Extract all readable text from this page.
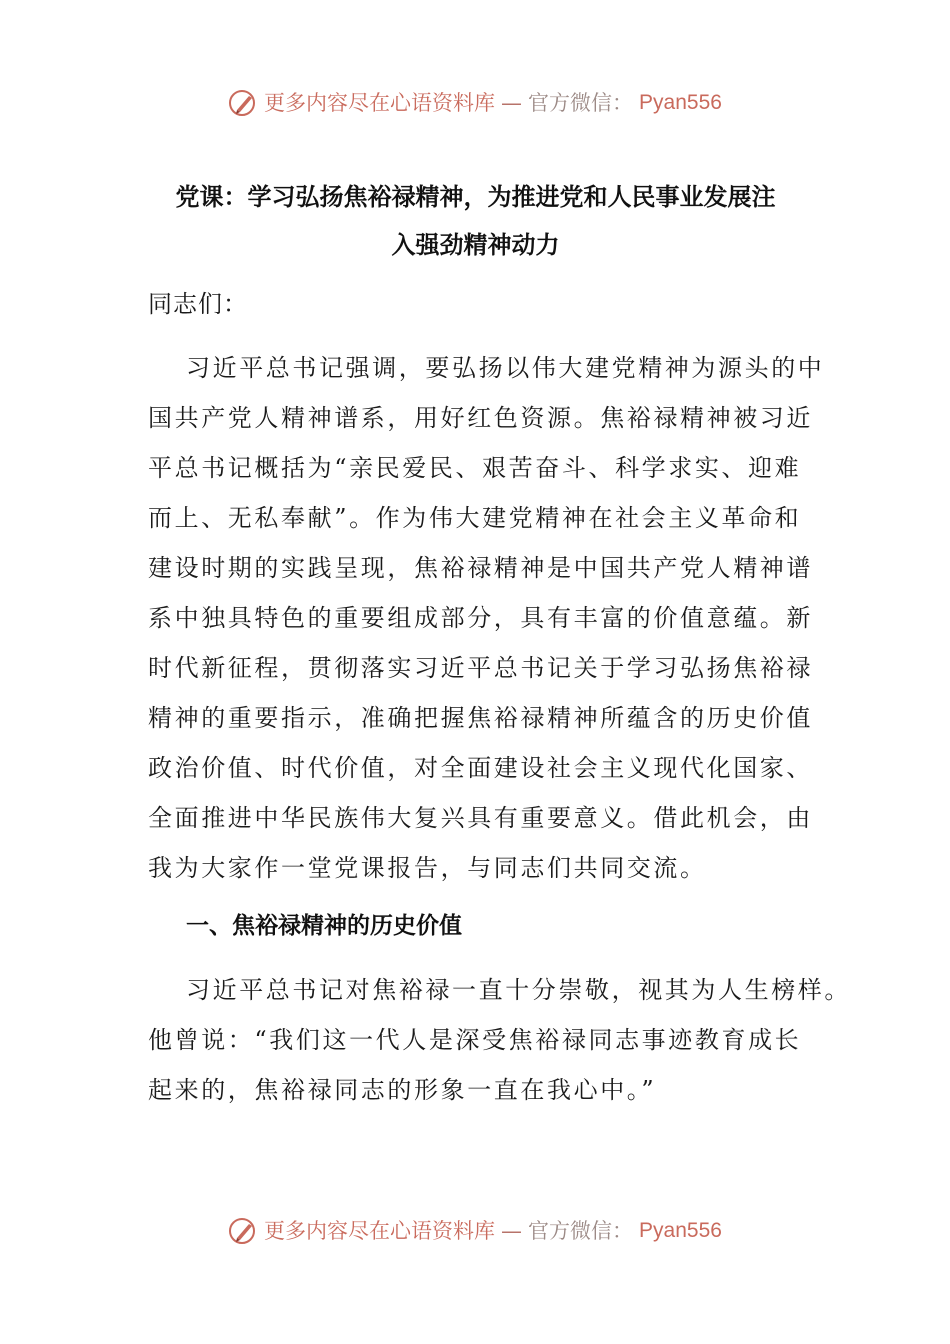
更多内容尽在心语资料库 — 官方微信： Pyan556
党课：学习弘扬焦裕禄精神，为推进党和人民事业发展注
入强劲精神动力
同志们：
习近平总书记强调，要弘扬以伟大建党精神为源头的中
国共产党人精神谱系，用好红色资源。焦裕禄精神被习近
平总书记概括为“亲民爱民、艰苦奋斗、科学求实、迎难
而上、无私奉献”。作为伟大建党精神在社会主义革命和
建设时期的实践呈现，焦裕禄精神是中国共产党人精神谱
系中独具特色的重要组成部分，具有丰富的价值意蕴。新
时代新征程，贯彻落实习近平总书记关于学习弘扬焦裕禄
精神的重要指示，准确把握焦裕禄精神所蕴含的历史价值
政治价值、时代价值，对全面建设社会主义现代化国家、
全面推进中华民族伟大复兴具有重要意义。借此机会，由
我为大家作一堂党课报告，与同志们共同交流。
一、焦裕禄精神的历史价值
习近平总书记对焦裕禄一直十分崇敬，视其为人生榜样。
他曾说：“我们这一代人是深受焦裕禄同志事迹教育成长
起来的，焦裕禄同志的形象一直在我心中。”
更多内容尽在心语资料库 — 官方微信： Pyan556
